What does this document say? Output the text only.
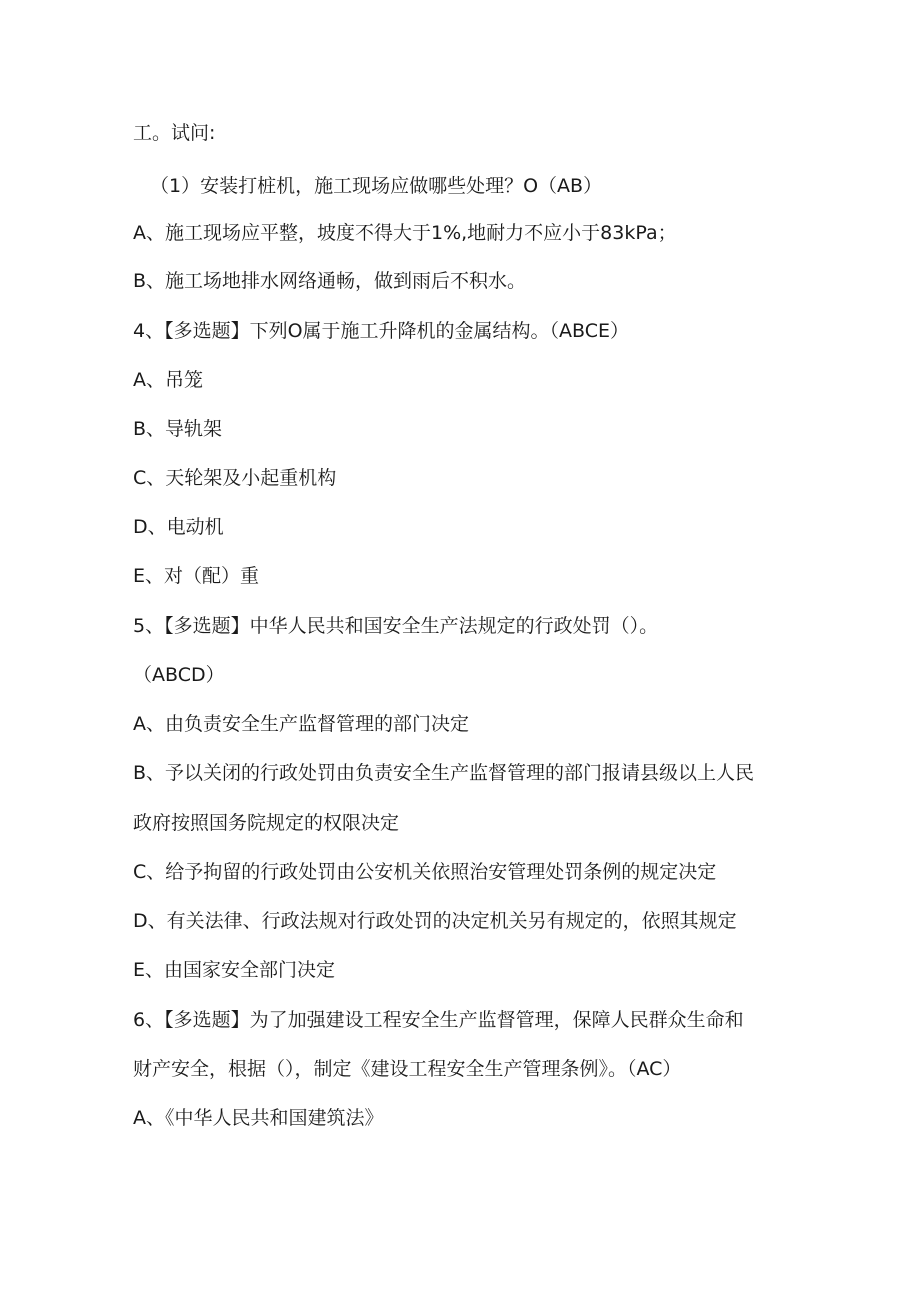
工。试问:
（1）安装打桩机，施工现场应做哪些处理？O（AB）
A、施工现场应平整，坡度不得大于1%,地耐力不应小于83kPa；
B、施工场地排水网络通畅，做到雨后不积水。
4、【多选题】下列O属于施工升降机的金属结构。（ABCE）
A、吊笼
B、导轨架
C、天轮架及小起重机构
D、电动机
E、对（配）重
5、【多选题】中华人民共和国安全生产法规定的行政处罚（）。
（ABCD）
A、由负责安全生产监督管理的部门决定
B、予以关闭的行政处罚由负责安全生产监督管理的部门报请县级以上人民
政府按照国务院规定的权限决定
C、给予拘留的行政处罚由公安机关依照治安管理处罚条例的规定决定
D、有关法律、行政法规对行政处罚的决定机关另有规定的，依照其规定
E、由国家安全部门决定
6、【多选题】为了加强建设工程安全生产监督管理，保障人民群众生命和
财产安全，根据（），制定《建设工程安全生产管理条例》。（AC）
A、《中华人民共和国建筑法》
